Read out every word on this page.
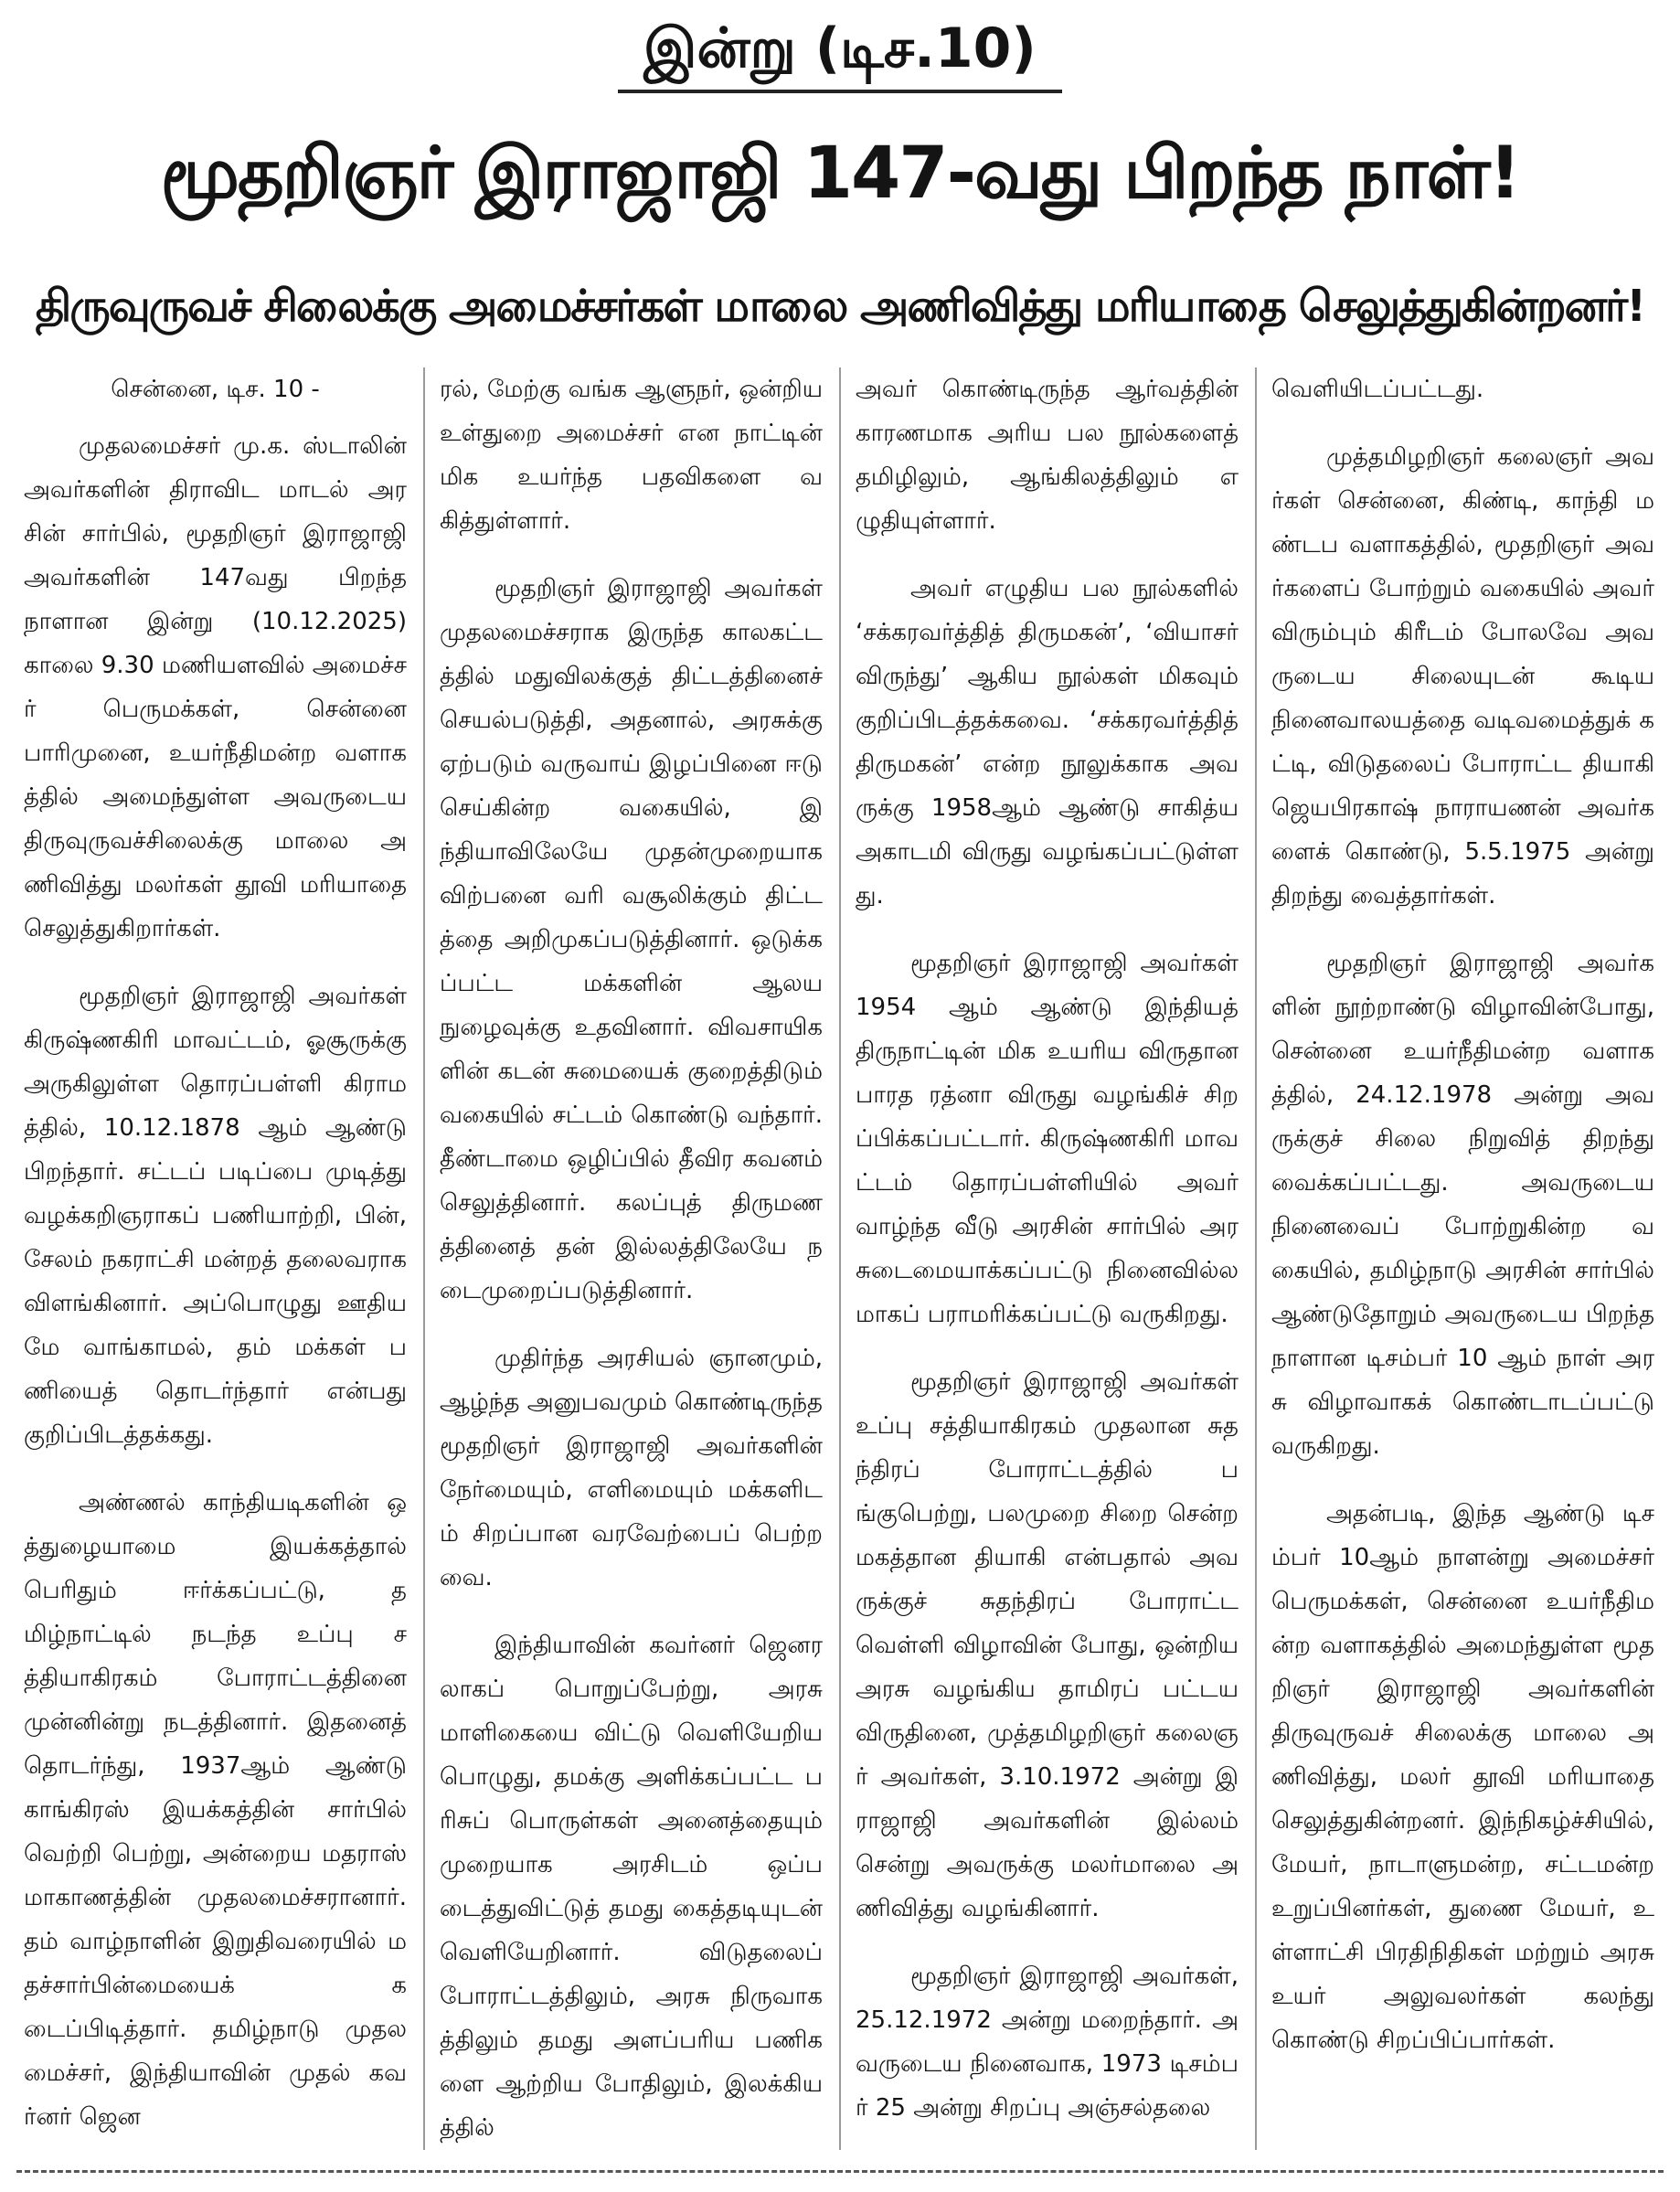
இன்று (டிச.10)
மூதறிஞர் இராஜாஜி 147-வது பிறந்த நாள்!
திருவுருவச் சிலைக்கு அமைச்சர்கள் மாலை அணிவித்து மரியாதை செலுத்துகின்றனர்!

சென்னை, டிச. 10 -

முதலமைச்சர் மு.க. ஸ்டாலின் அவர்களின் திராவிட மாடல் அரசின் சார்பில், மூதறிஞர் இராஜாஜி அவர்களின் 147வது பிறந்த நாளான இன்று (10.12.2025) காலை 9.30 மணியளவில் அமைச்சர் பெருமக்கள், சென்னை பாரிமுனை, உயர்நீதிமன்ற வளாகத்தில் அமைந்துள்ள அவருடைய திருவுருவச்சிலைக்கு மாலை அணிவித்து மலர்கள் தூவி மரியாதை செலுத்துகிறார்கள்.

மூதறிஞர் இராஜாஜி அவர்கள் கிருஷ்ணகிரி மாவட்டம், ஓசூருக்கு அருகிலுள்ள தொரப்பள்ளி கிராமத்தில், 10.12.1878 ஆம் ஆண்டு பிறந்தார். சட்டப் படிப்பை முடித்து வழக்கறிஞராகப் பணியாற்றி, பின், சேலம் நகராட்சி மன்றத் தலைவராக விளங்கினார். அப்பொழுது ஊதியமே வாங்காமல், தம் மக்கள் பணியைத் தொடர்ந்தார் என்பது குறிப்பிடத்தக்கது.

அண்ணல் காந்தியடிகளின் ஒத்துழையாமை இயக்கத்தால் பெரிதும் ஈர்க்கப்பட்டு, தமிழ்நாட்டில் நடந்த உப்பு சத்தியாகிரகம் போராட்டத்தினை முன்னின்று நடத்தினார். இதனைத் தொடர்ந்து, 1937ஆம் ஆண்டு காங்கிரஸ் இயக்கத்தின் சார்பில் வெற்றி பெற்று, அன்றைய மதராஸ் மாகாணத்தின் முதலமைச்சரானார். தம் வாழ்நாளின் இறுதிவரையில் மதச்சார்பின்மையைக் கடைப்பிடித்தார். தமிழ்நாடு முதலமைச்சர், இந்தியாவின் முதல் கவர்னர் ஜென

ரல், மேற்கு வங்க ஆளுநர், ஒன்றிய உள்துறை அமைச்சர் என நாட்டின் மிக உயர்ந்த பதவிகளை வகித்துள்ளார்.

மூதறிஞர் இராஜாஜி அவர்கள் முதலமைச்சராக இருந்த காலகட்டத்தில் மதுவிலக்குத் திட்டத்தினைச் செயல்படுத்தி, அதனால், அரசுக்கு ஏற்படும் வருவாய் இழப்பினை ஈடு செய்கின்ற வகையில், இந்தியாவிலேயே முதன்முறையாக விற்பனை வரி வசூலிக்கும் திட்டத்தை அறிமுகப்படுத்தினார். ஒடுக்கப்பட்ட மக்களின் ஆலய நுழைவுக்கு உதவினார். விவசாயிகளின் கடன் சுமையைக் குறைத்திடும் வகையில் சட்டம் கொண்டு வந்தார். தீண்டாமை ஒழிப்பில் தீவிர கவனம் செலுத்தினார். கலப்புத் திருமணத்தினைத் தன் இல்லத்திலேயே நடைமுறைப்படுத்தினார்.

முதிர்ந்த அரசியல் ஞானமும், ஆழ்ந்த அனுபவமும் கொண்டிருந்த மூதறிஞர் இராஜாஜி அவர்களின் நேர்மையும், எளிமையும் மக்களிடம் சிறப்பான வரவேற்பைப் பெற்றவை.

இந்தியாவின் கவர்னர் ஜெனரலாகப் பொறுப்பேற்று, அரசு மாளிகையை விட்டு வெளியேறிய பொழுது, தமக்கு அளிக்கப்பட்ட பரிசுப் பொருள்கள் அனைத்தையும் முறையாக அரசிடம் ஒப்படைத்துவிட்டுத் தமது கைத்தடியுடன் வெளியேறினார். விடுதலைப் போராட்டத்திலும், அரசு நிருவாகத்திலும் தமது அளப்பரிய பணிகளை ஆற்றிய போதிலும், இலக்கியத்தில்

அவர் கொண்டிருந்த ஆர்வத்தின் காரணமாக அரிய பல நூல்களைத் தமிழிலும், ஆங்கிலத்திலும் எழுதியுள்ளார்.

அவர் எழுதிய பல நூல்களில் ‘சக்கரவர்த்தித் திருமகன்’, ‘வியாசர் விருந்து’ ஆகிய நூல்கள் மிகவும் குறிப்பிடத்தக்கவை. ‘சக்கரவர்த்தித் திருமகன்’ என்ற நூலுக்காக அவருக்கு 1958ஆம் ஆண்டு சாகித்ய அகாடமி விருது வழங்கப்பட்டுள்ளது.

மூதறிஞர் இராஜாஜி அவர்கள் 1954 ஆம் ஆண்டு இந்தியத் திருநாட்டின் மிக உயரிய விருதான பாரத ரத்னா விருது வழங்கிச் சிறப்பிக்கப்பட்டார். கிருஷ்ணகிரி மாவட்டம் தொரப்பள்ளியில் அவர் வாழ்ந்த வீடு அரசின் சார்பில் அரசுடைமையாக்கப்பட்டு நினைவில்லமாகப் பராமரிக்கப்பட்டு வருகிறது.

மூதறிஞர் இராஜாஜி அவர்கள் உப்பு சத்தியாகிரகம் முதலான சுதந்திரப் போராட்டத்தில் பங்குபெற்று, பலமுறை சிறை சென்ற மகத்தான தியாகி என்பதால் அவருக்குச் சுதந்திரப் போராட்ட வெள்ளி விழாவின் போது, ஒன்றிய அரசு வழங்கிய தாமிரப் பட்டய விருதினை, முத்தமிழறிஞர் கலைஞர் அவர்கள், 3.10.1972 அன்று இராஜாஜி அவர்களின் இல்லம் சென்று அவருக்கு மலர்மாலை அணிவித்து வழங்கினார்.

மூதறிஞர் இராஜாஜி அவர்கள், 25.12.1972 அன்று மறைந்தார். அவருடைய நினைவாக, 1973 டிசம்பர் 25 அன்று சிறப்பு அஞ்சல்தலை

வெளியிடப்பட்டது.

முத்தமிழறிஞர் கலைஞர் அவர்கள் சென்னை, கிண்டி, காந்தி மண்டப வளாகத்தில், மூதறிஞர் அவர்களைப் போற்றும் வகையில் அவர் விரும்பும் கிரீடம் போலவே அவருடைய சிலையுடன் கூடிய நினைவாலயத்தை வடிவமைத்துக் கட்டி, விடுதலைப் போராட்ட தியாகி ஜெயபிரகாஷ் நாராயணன் அவர்களைக் கொண்டு, 5.5.1975 அன்று திறந்து வைத்தார்கள்.

மூதறிஞர் இராஜாஜி அவர்களின் நூற்றாண்டு விழாவின்போது, சென்னை உயர்நீதிமன்ற வளாகத்தில், 24.12.1978 அன்று அவருக்குச் சிலை நிறுவித் திறந்து வைக்கப்பட்டது. அவருடைய நினைவைப் போற்றுகின்ற வகையில், தமிழ்நாடு அரசின் சார்பில் ஆண்டுதோறும் அவருடைய பிறந்த நாளான டிசம்பர் 10 ஆம் நாள் அரசு விழாவாகக் கொண்டாடப்பட்டு வருகிறது.

அதன்படி, இந்த ஆண்டு டிசம்பர் 10ஆம் நாளன்று அமைச்சர் பெருமக்கள், சென்னை உயர்நீதிமன்ற வளாகத்தில் அமைந்துள்ள மூதறிஞர் இராஜாஜி அவர்களின் திருவுருவச் சிலைக்கு மாலை அணிவித்து, மலர் தூவி மரியாதை செலுத்துகின்றனர். இந்நிகழ்ச்சியில், மேயர், நாடாளுமன்ற, சட்டமன்ற உறுப்பினர்கள், துணை மேயர், உள்ளாட்சி பிரதிநிதிகள் மற்றும் அரசு உயர் அலுவலர்கள் கலந்து கொண்டு சிறப்பிப்பார்கள்.
